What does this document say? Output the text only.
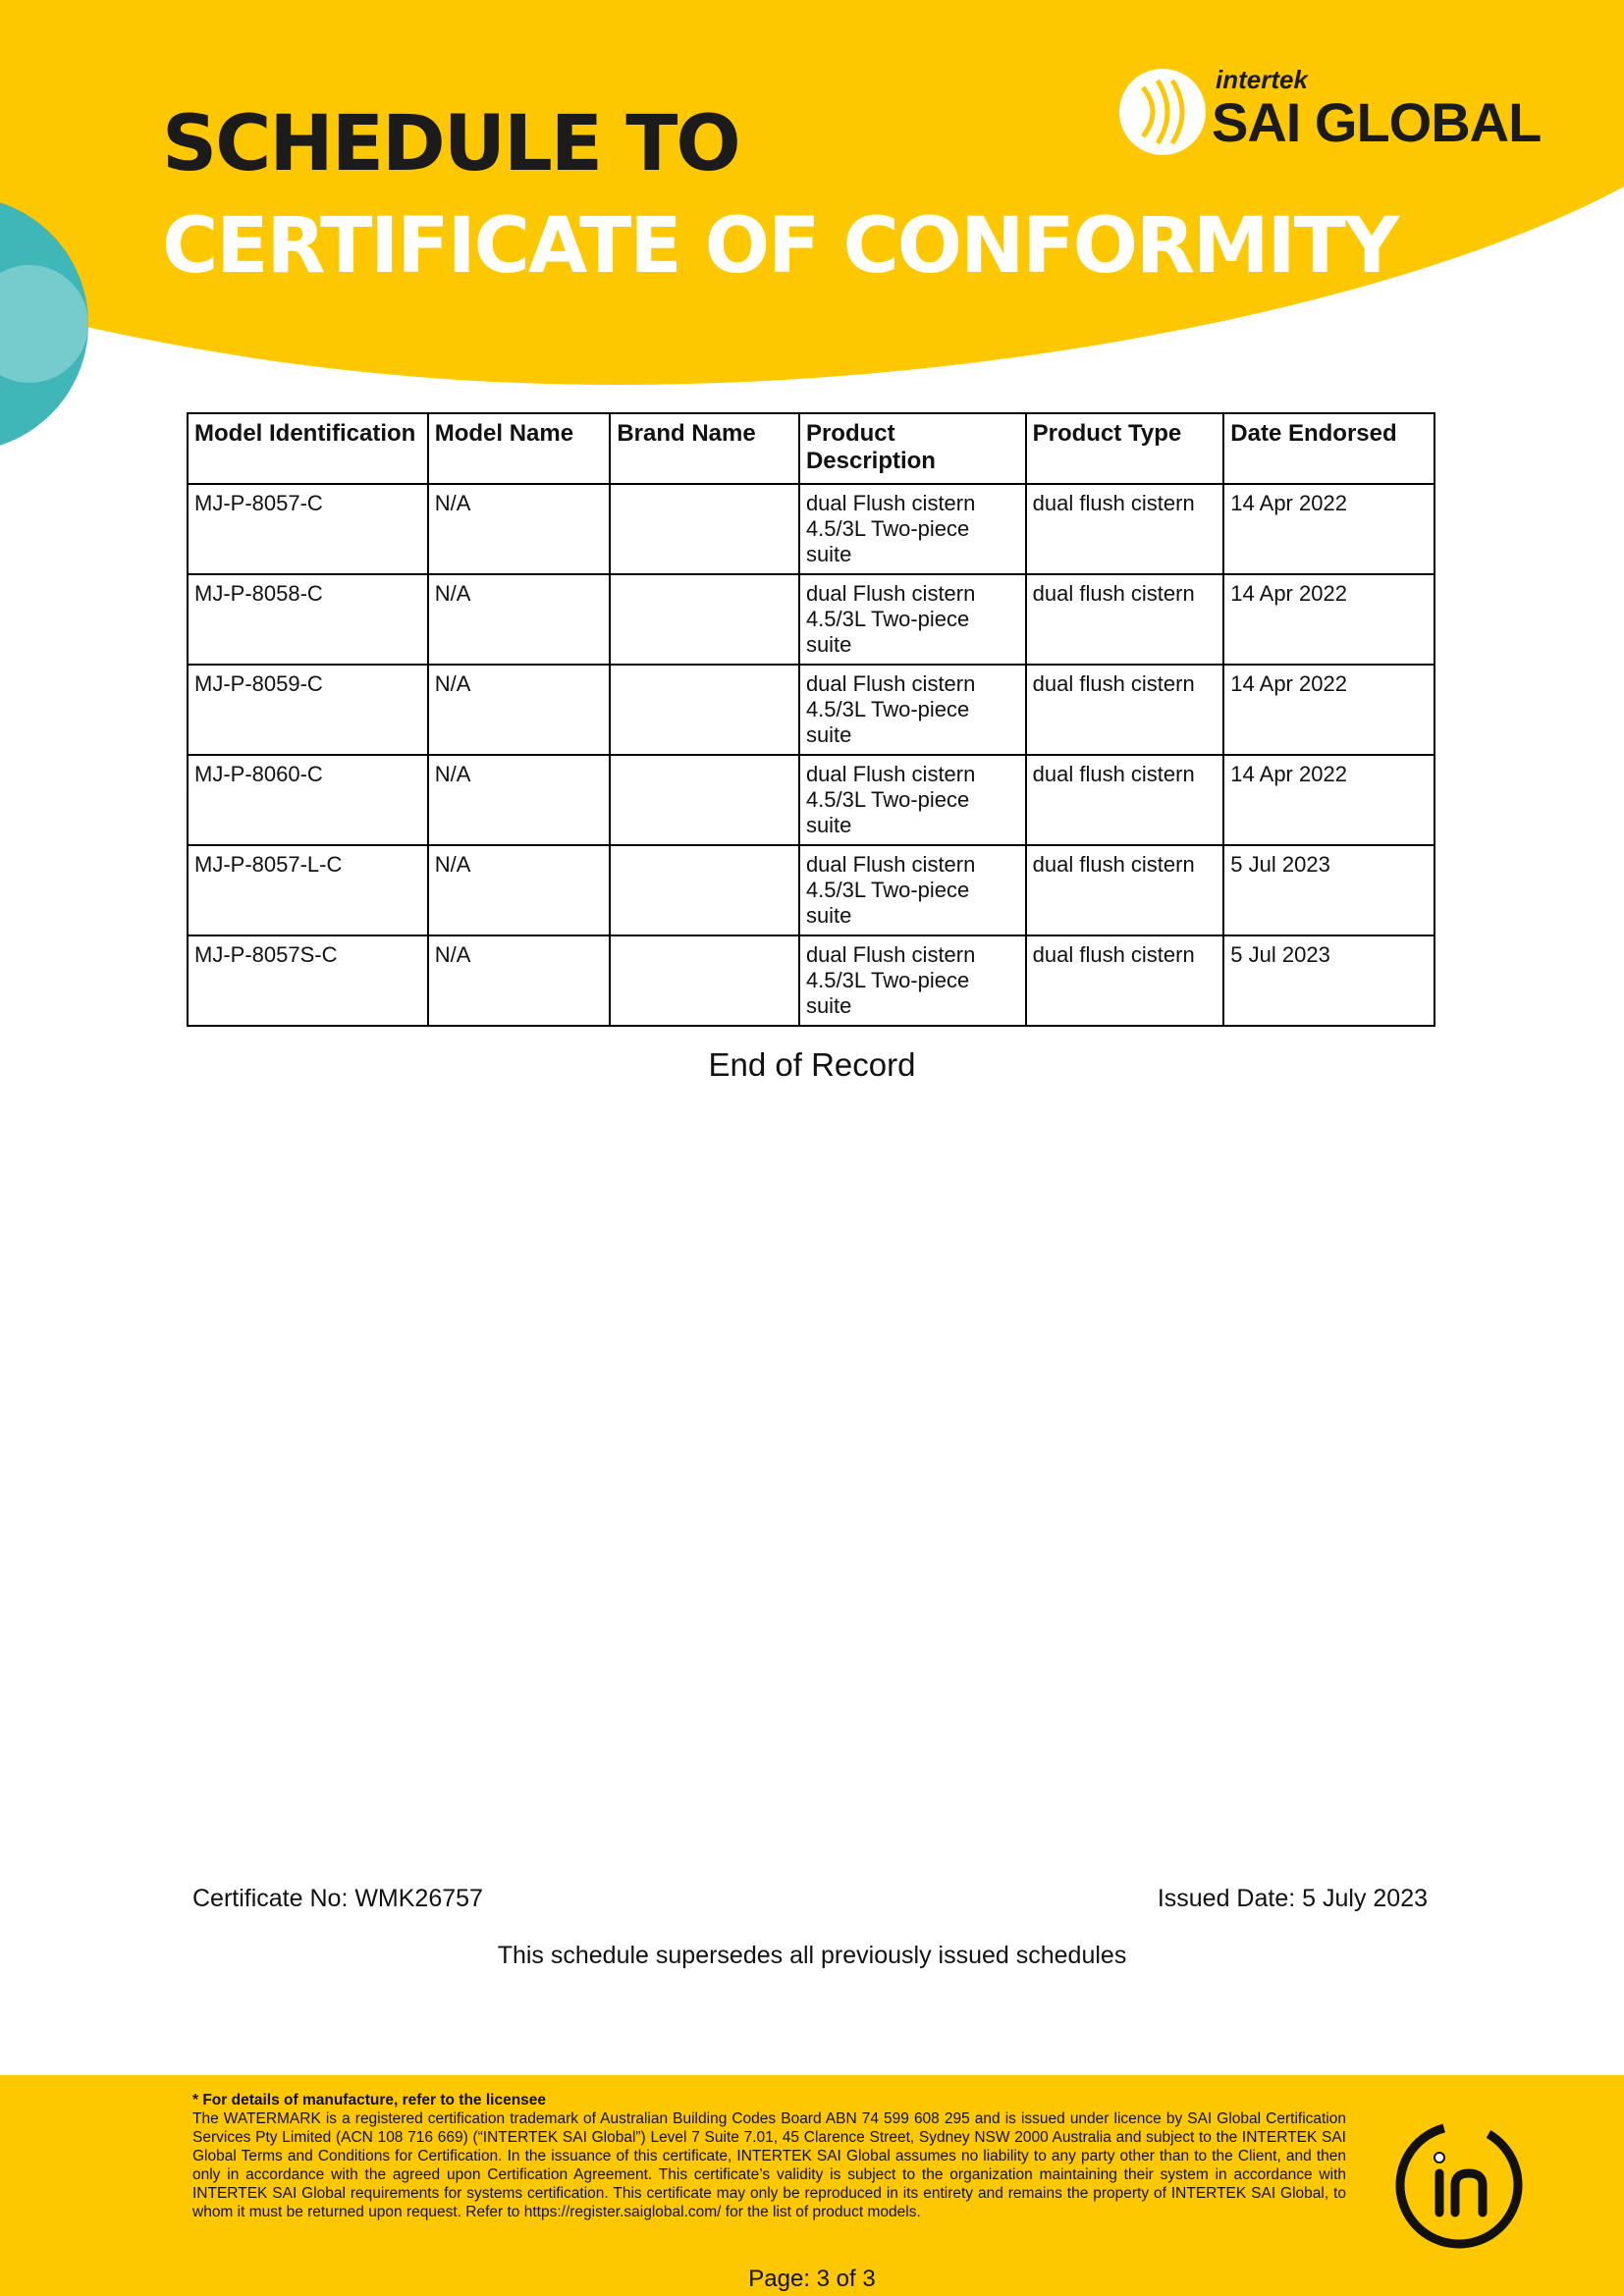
SCHEDULE TO
CERTIFICATE OF CONFORMITY
intertek
SAI GLOBAL
Model Identification	Model Name	Brand Name	Product Description	Product Type	Date Endorsed
MJ-P-8057-C	N/A		dual Flush cistern 4.5/3L Two-piece suite	dual flush cistern	14 Apr 2022
MJ-P-8058-C	N/A		dual Flush cistern 4.5/3L Two-piece suite	dual flush cistern	14 Apr 2022
MJ-P-8059-C	N/A		dual Flush cistern 4.5/3L Two-piece suite	dual flush cistern	14 Apr 2022
MJ-P-8060-C	N/A		dual Flush cistern 4.5/3L Two-piece suite	dual flush cistern	14 Apr 2022
MJ-P-8057-L-C	N/A		dual Flush cistern 4.5/3L Two-piece suite	dual flush cistern	5 Jul 2023
MJ-P-8057S-C	N/A		dual Flush cistern 4.5/3L Two-piece suite	dual flush cistern	5 Jul 2023
End of Record
Certificate No: WMK26757	Issued Date: 5 July 2023
This schedule supersedes all previously issued schedules
* For details of manufacture, refer to the licensee
The WATERMARK is a registered certification trademark of Australian Building Codes Board ABN 74 599 608 295 and is issued under licence by SAI Global Certification Services Pty Limited (ACN 108 716 669) (“INTERTEK SAI Global”) Level 7 Suite 7.01, 45 Clarence Street, Sydney NSW 2000 Australia and subject to the INTERTEK SAI Global Terms and Conditions for Certification. In the issuance of this certificate, INTERTEK SAI Global assumes no liability to any party other than to the Client, and then only in accordance with the agreed upon Certification Agreement. This certificate’s validity is subject to the organization maintaining their system in accordance with INTERTEK SAI Global requirements for systems certification. This certificate may only be reproduced in its entirety and remains the property of INTERTEK SAI Global, to whom it must be returned upon request. Refer to https://register.saiglobal.com/ for the list of product models.
Page: 3 of 3
